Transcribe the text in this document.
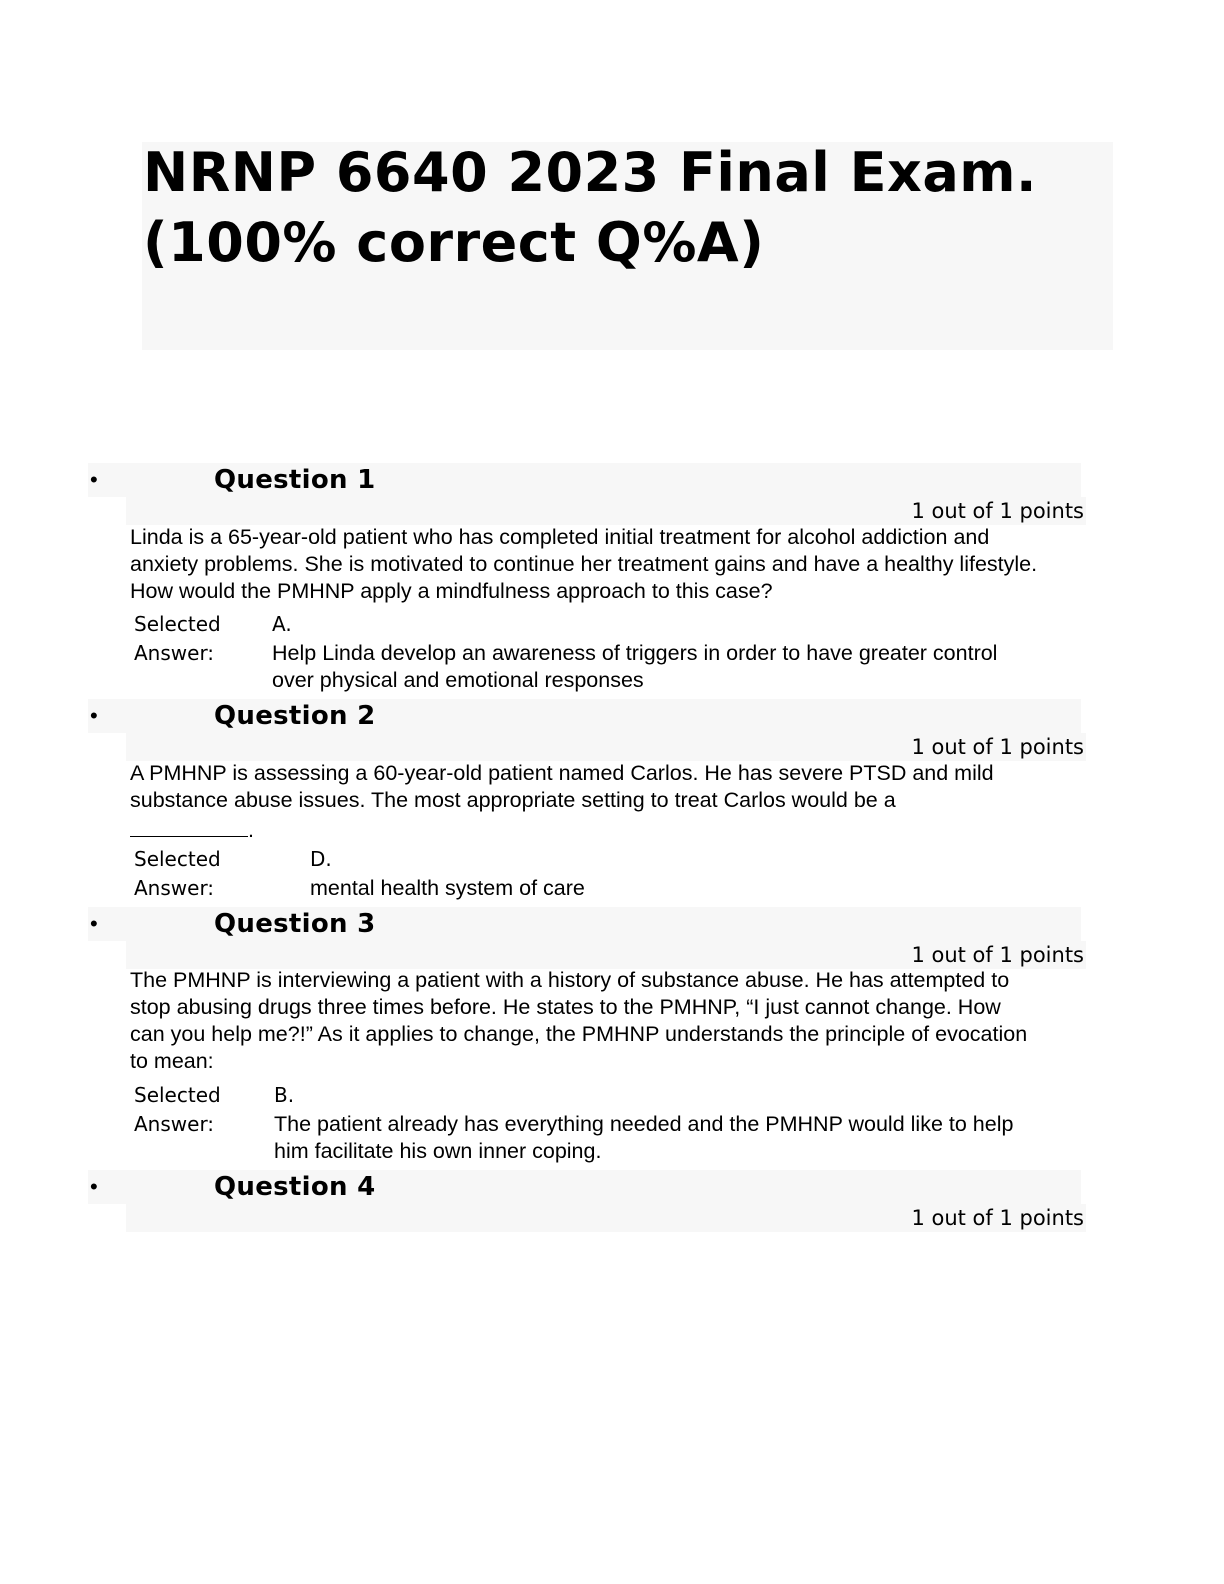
NRNP 6640 2023 Final Exam.(100% correct Q%A)
•	Question 1
1 out of 1 points

Linda is a 65-year-old patient who has completed initial treatment for alcohol addiction and anxiety problems. She is motivated to continue her treatment gains and have a healthy lifestyle. How would the PMHNP apply a mindfulness approach to this case?

Selected Answer:
A.
Help Linda develop an awareness of triggers in order to have greater control over physical and emotional responses
•	Question 2
1 out of 1 points

A PMHNP is assessing a 60-year-old patient named Carlos. He has severe PTSD and mild substance abuse issues. The most appropriate setting to treat Carlos would be a
.

Selected Answer:
D.
mental health system of care
•	Question 3
1 out of 1 points

The PMHNP is interviewing a patient with a history of substance abuse. He has attempted to stop abusing drugs three times before. He states to the PMHNP, “I just cannot change. How can you help me?!” As it applies to change, the PMHNP understands the principle of evocation to mean:

Selected Answer:
B.
The patient already has everything needed and the PMHNP would like to help him facilitate his own inner coping.
•	Question 4
1 out of 1 points
